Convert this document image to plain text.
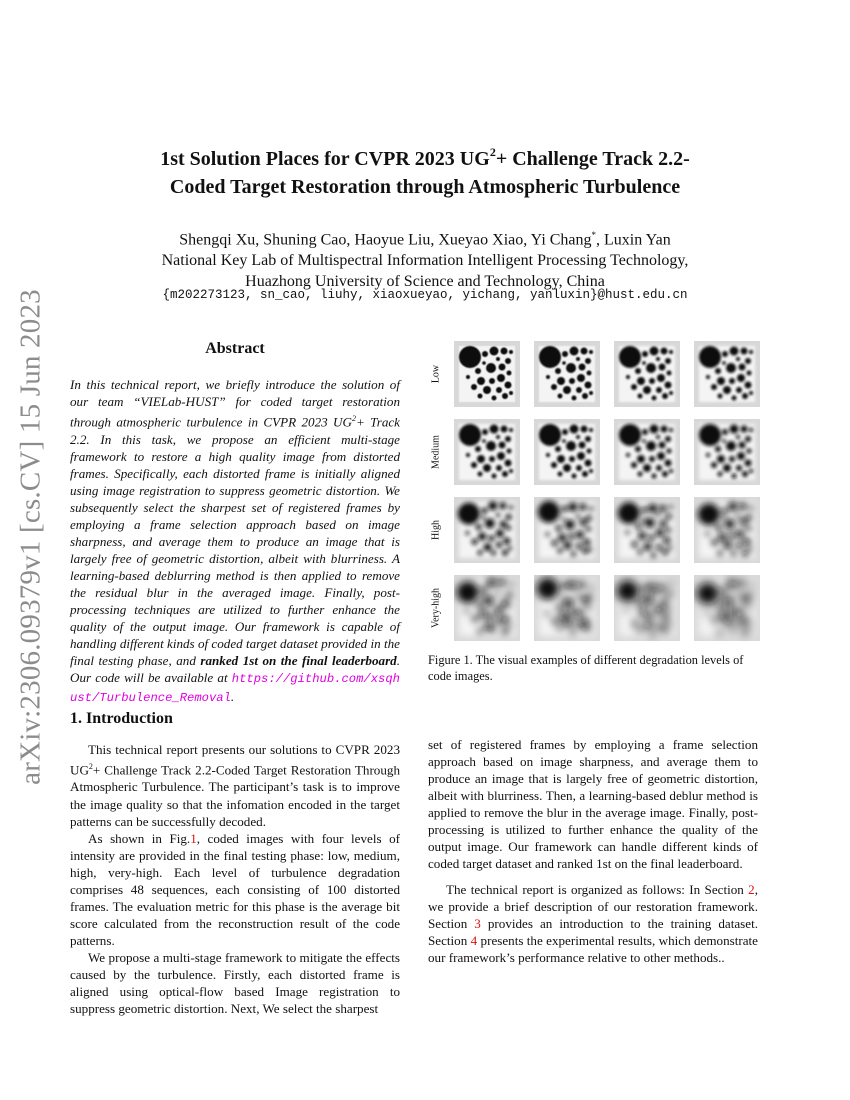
arXiv:2306.09379v1 [cs.CV] 15 Jun 2023
1st Solution Places for CVPR 2023 $UG^2+$ Challenge Track 2.2-
Coded Target Restoration through Atmospheric Turbulence
Shengqi Xu, Shuning Cao, Haoyue Liu, Xueyao Xiao, Yi Chang*, Luxin Yan
National Key Lab of Multispectral Information Intelligent Processing Technology,
Huazhong University of Science and Technology, China
{m202273123, sn_cao, liuhy, xiaoxueyao, yichang, yanluxin}@hust.edu.cn
Abstract
In this technical report, we briefly introduce the solution of our team “VIELab-HUST” for coded target restoration through atmospheric turbulence in CVPR 2023 $UG^2+$ Track 2.2. In this task, we propose an efficient multi-stage framework to restore a high quality image from distorted frames. Specifically, each distorted frame is initially aligned using image registration to suppress geometric distortion. We subsequently select the sharpest set of registered frames by employing a frame selection approach based on image sharpness, and average them to produce an image that is largely free of geometric distortion, albeit with blurriness. A learning-based deblurring method is then applied to remove the residual blur in the averaged image. Finally, post-processing techniques are utilized to further enhance the quality of the output image. Our framework is capable of handling different kinds of coded target dataset provided in the final testing phase, and ranked 1st on the final leaderboard. Our code will be available at https://github.com/xsqhust/Turbulence_Removal.
1. Introduction

This technical report presents our solutions to CVPR 2023 $UG^2+$ Challenge Track 2.2-Coded Target Restoration Through Atmospheric Turbulence. The participant’s task is to improve the image quality so that the infomation encoded in the target patterns can be successfully decoded.

As shown in Fig.1, coded images with four levels of intensity are provided in the final testing phase: low, medium, high, very-high. Each level of turbulence degradation comprises 48 sequences, each consisting of 100 distorted frames. The evaluation metric for this phase is the average bit score calculated from the reconstruction result of the code patterns.

We propose a multi-stage framework to mitigate the effects caused by the turbulence. Firstly, each distorted frame is aligned using optical-flow based Image registration to suppress geometric distortion. Next, We select the sharpest

set of registered frames by employing a frame selection approach based on image sharpness, and average them to produce an image that is largely free of geometric distortion, albeit with blurriness. Then, a learning-based deblur method is applied to remove the blur in the average image. Finally, post-processing is utilized to further enhance the quality of the output image. Our framework can handle different kinds of coded target dataset and ranked 1st on the final leaderboard.

The technical report is organized as follows: In Section 2, we provide a brief description of our restoration framework. Section 3 provides an introduction to the training dataset. Section 4 presents the experimental results, which demonstrate our framework’s performance relative to other methods..

Low
Medium
High
Very-high
Figure 1. The visual examples of different degradation levels of code images.
